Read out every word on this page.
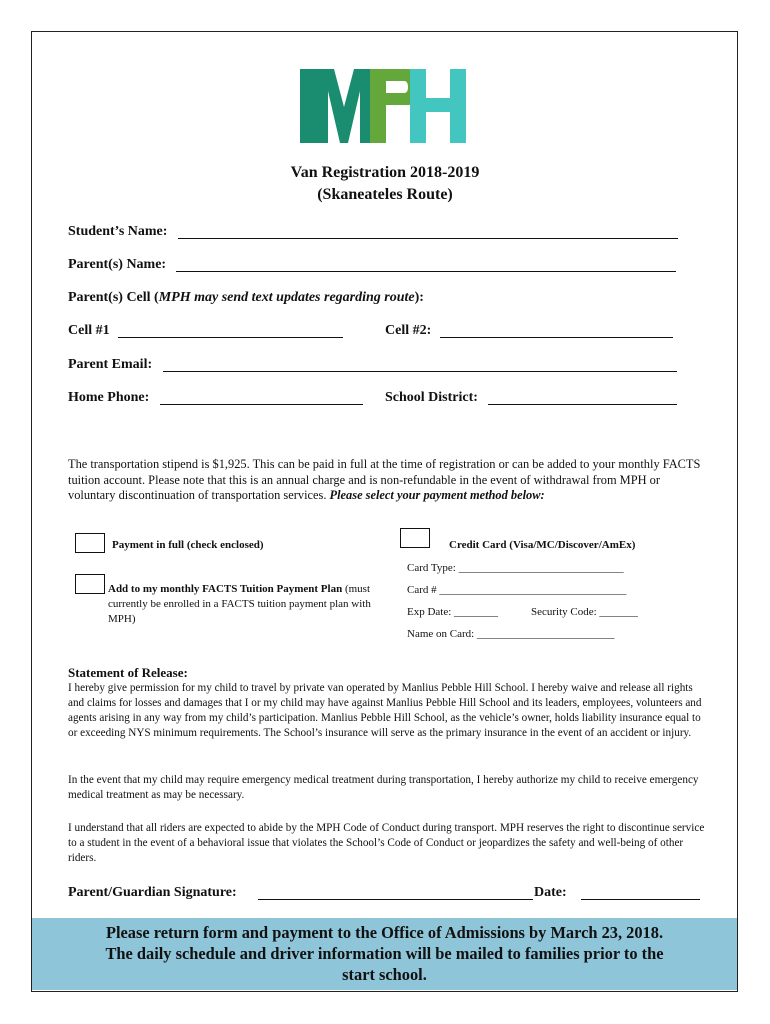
Van Registration 2018-2019
(Skaneateles Route)
Student’s Name:
Parent(s) Name:
Parent(s) Cell (MPH may send text updates regarding route):
Cell #1	Cell #2:
Parent Email:
Home Phone:	School District:
The transportation stipend is $1,925. This can be paid in full at the time of registration or can be added to your monthly FACTS tuition account. Please note that this is an annual charge and is non-refundable in the event of withdrawal from MPH or voluntary discontinuation of transportation services. Please select your payment method below:
Payment in full (check enclosed)
Add to my monthly FACTS Tuition Payment Plan (must currently be enrolled in a FACTS tuition payment plan with MPH)
Credit Card (Visa/MC/Discover/AmEx)
Card Type: ______________________________
Card # __________________________________
Exp Date: ________	Security Code: _______
Name on Card: _________________________
Statement of Release:
I hereby give permission for my child to travel by private van operated by Manlius Pebble Hill School. I hereby waive and release all rights and claims for losses and damages that I or my child may have against Manlius Pebble Hill School and its leaders, employees, volunteers and agents arising in any way from my child’s participation. Manlius Pebble Hill School, as the vehicle’s owner, holds liability insurance equal to or exceeding NYS minimum requirements. The School’s insurance will serve as the primary insurance in the event of an accident or injury.
In the event that my child may require emergency medical treatment during transportation, I hereby authorize my child to receive emergency medical treatment as may be necessary.
I understand that all riders are expected to abide by the MPH Code of Conduct during transport. MPH reserves the right to discontinue service to a student in the event of a behavioral issue that violates the School’s Code of Conduct or jeopardizes the safety and well-being of other riders.
Parent/Guardian Signature:	Date:
Please return form and payment to the Office of Admissions by March 23, 2018.
The daily schedule and driver information will be mailed to families prior to the
start school.
